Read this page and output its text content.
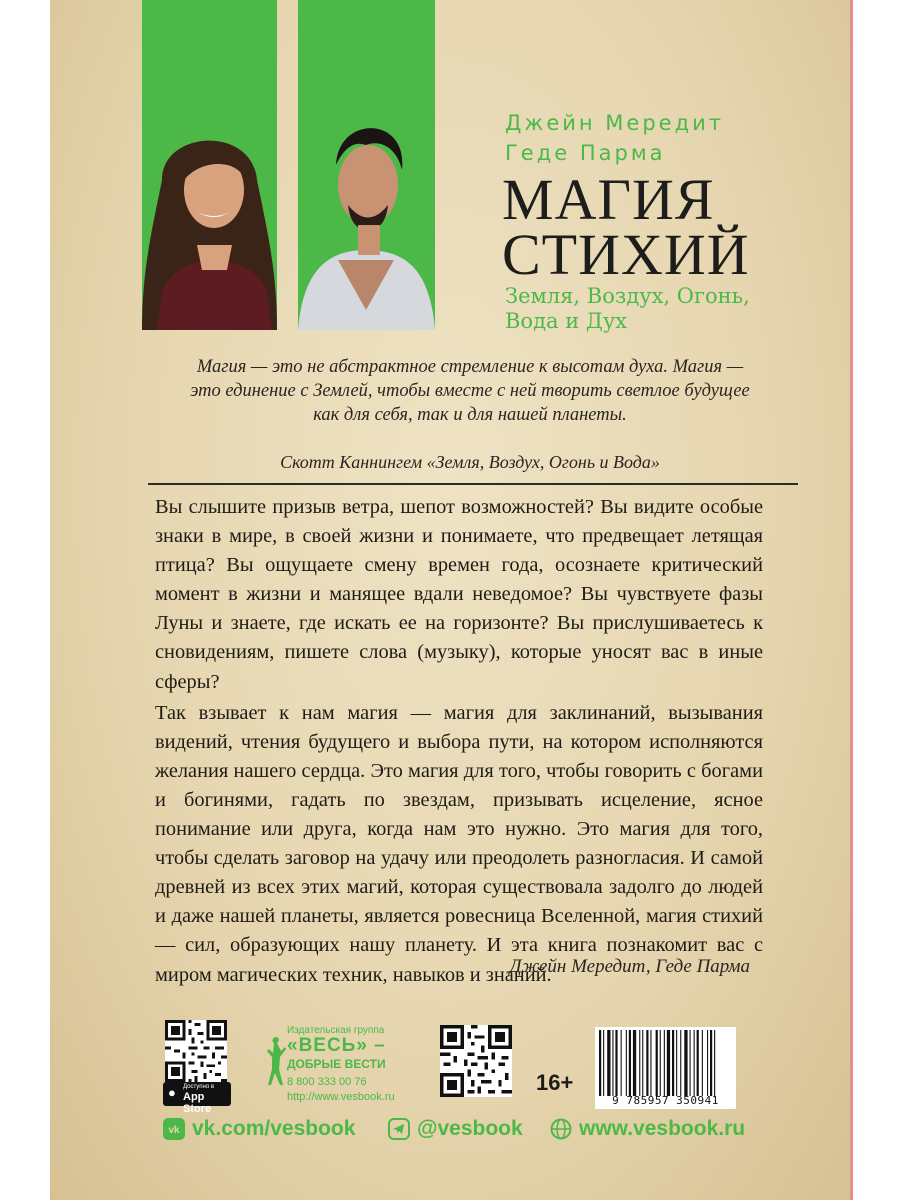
Джейн Мередит
Геде Парма
МАГИЯ
СТИХИЙ
Земля, Воздух, Огонь,
Вода и Дух
Магия — это не абстрактное стремление к высотам духа. Магия —
это единение с Землей, чтобы вместе с ней творить светлое будущее
как для себя, так и для нашей планеты.
Скотт Каннингем «Земля, Воздух, Огонь и Вода»

Вы слышите призыв ветра, шепот возможностей? Вы видите особые знаки в мире, в своей жизни и понимаете, что предвещает летящая птица? Вы ощущаете смену времен года, осознаете критический момент в жизни и манящее вдали неведомое? Вы чувствуете фазы Луны и знаете, где искать ее на горизонте? Вы прислушиваетесь к сновидениям, пишете слова (музыку), которые уносят вас в иные сферы?

Так взывает к нам магия — магия для заклинаний, вызывания видений, чтения будущего и выбора пути, на котором исполняются желания нашего сердца. Это магия для того, чтобы говорить с богами и богинями, гадать по звездам, призывать исцеление, ясное понимание или друга, когда нам это нужно. Это магия для того, чтобы сделать заговор на удачу или преодолеть разногласия. И самой древней из всех этих магий, которая существовала задолго до людей и даже нашей планеты, является ровесница Вселенной, магия стихий — сил, образующих нашу планету. И эта книга познакомит вас с миром магических техник, навыков и знаний.

Джейн Мередит, Геде Парма
● Доступно в
App Store
Издательская группа
«ВЕСЬ» –
ДОБРЫЕ ВЕСТИ
8 800 333 00 76
http://www.vesbook.ru
16+
9 785957 350941
vk vk.com/vesbook	@vesbook	www.vesbook.ru
